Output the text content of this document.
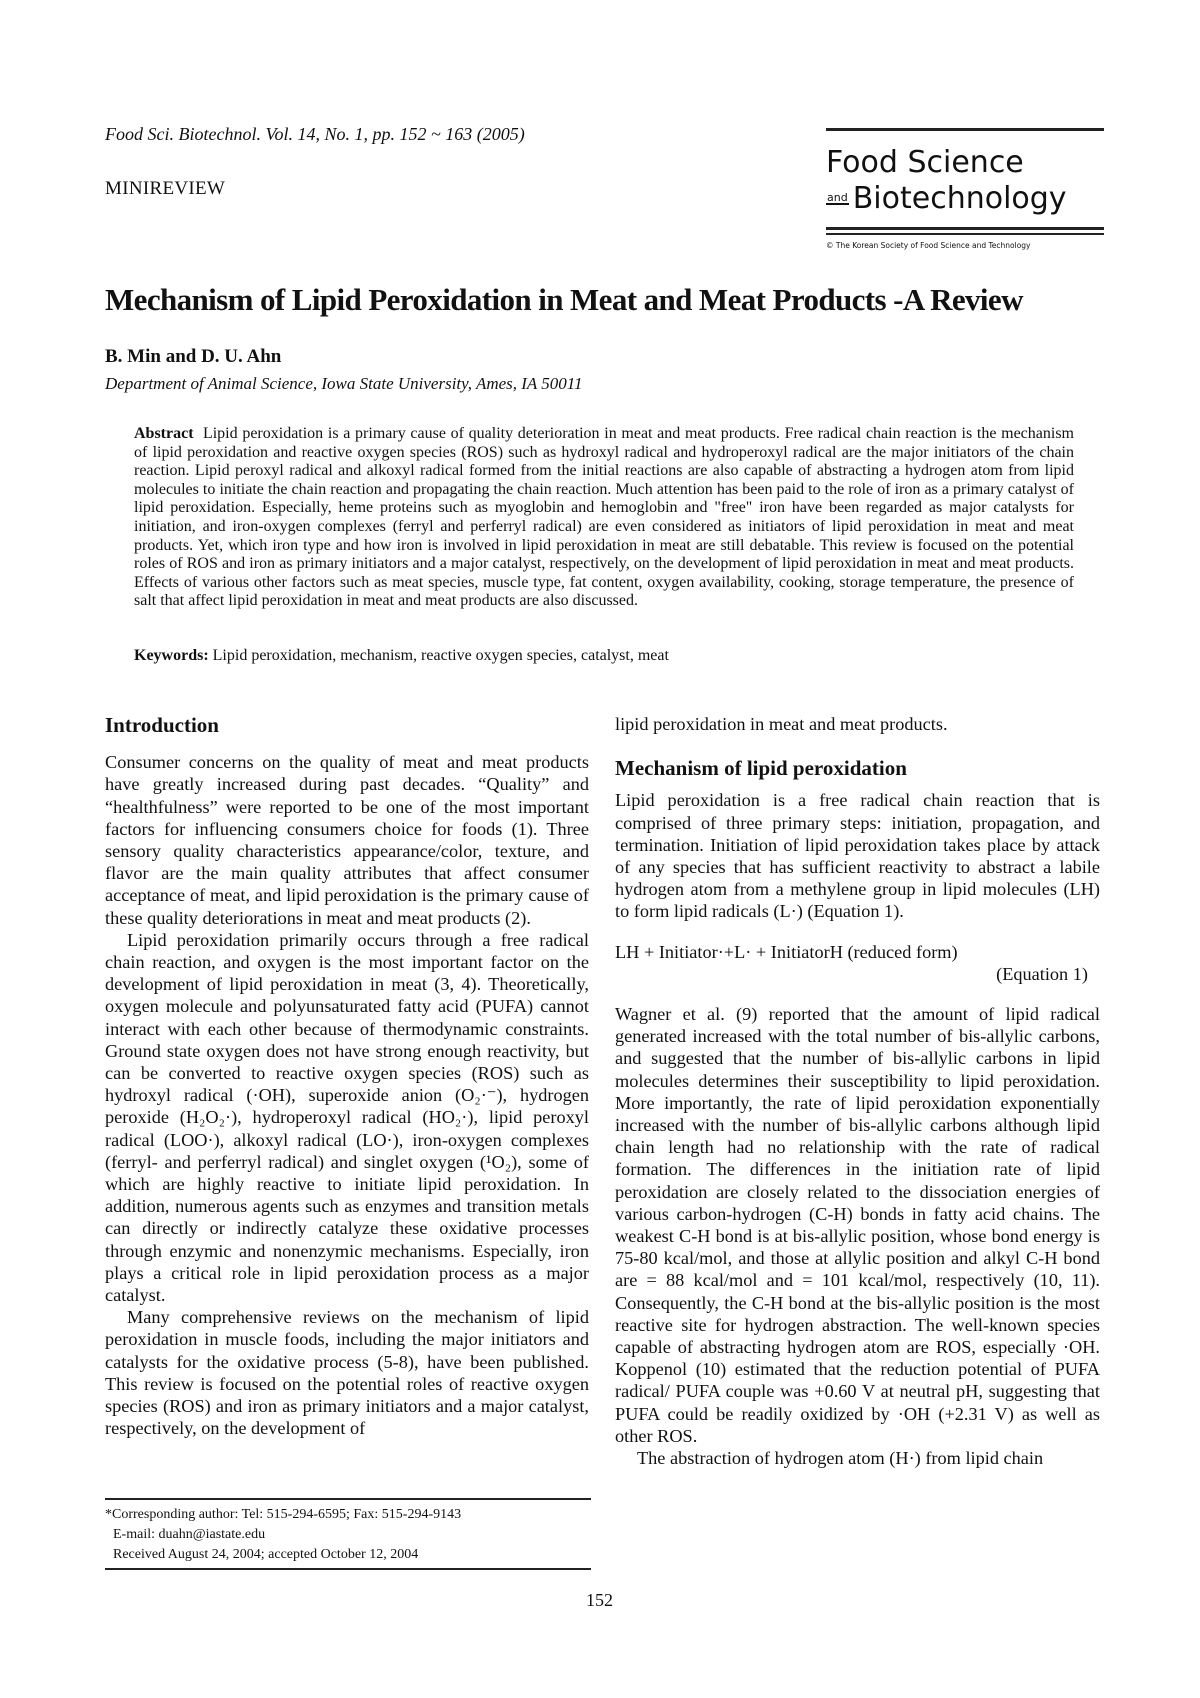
Food Sci. Biotechnol. Vol. 14, No. 1, pp. 152 ~ 163 (2005)
MINIREVIEW
Food Science
and Biotechnology
© The Korean Society of Food Science and Technology
Mechanism of Lipid Peroxidation in Meat and Meat Products -A Review
B. Min and D. U. Ahn
Department of Animal Science, Iowa State University, Ames, IA 50011
Abstract Lipid peroxidation is a primary cause of quality deterioration in meat and meat products. Free radical chain reaction is the mechanism of lipid peroxidation and reactive oxygen species (ROS) such as hydroxyl radical and hydroperoxyl radical are the major initiators of the chain reaction. Lipid peroxyl radical and alkoxyl radical formed from the initial reactions are also capable of abstracting a hydrogen atom from lipid molecules to initiate the chain reaction and propagating the chain reaction. Much attention has been paid to the role of iron as a primary catalyst of lipid peroxidation. Especially, heme proteins such as myoglobin and hemoglobin and "free" iron have been regarded as major catalysts for initiation, and iron-oxygen complexes (ferryl and perferryl radical) are even considered as initiators of lipid peroxidation in meat and meat products. Yet, which iron type and how iron is involved in lipid peroxidation in meat are still debatable. This review is focused on the potential roles of ROS and iron as primary initiators and a major catalyst, respectively, on the development of lipid peroxidation in meat and meat products. Effects of various other factors such as meat species, muscle type, fat content, oxygen availability, cooking, storage temperature, the presence of salt that affect lipid peroxidation in meat and meat products are also discussed.
Keywords: Lipid peroxidation, mechanism, reactive oxygen species, catalyst, meat
Introduction

Consumer concerns on the quality of meat and meat products have greatly increased during past decades. “Quality” and “healthfulness” were reported to be one of the most important factors for influencing consumers choice for foods (1). Three sensory quality characteristics appearance/color, texture, and flavor are the main quality attributes that affect consumer acceptance of meat, and lipid peroxidation is the primary cause of these quality deteriorations in meat and meat products (2).

Lipid peroxidation primarily occurs through a free radical chain reaction, and oxygen is the most important factor on the development of lipid peroxidation in meat (3, 4). Theoretically, oxygen molecule and polyunsaturated fatty acid (PUFA) cannot interact with each other because of thermodynamic constraints. Ground state oxygen does not have strong enough reactivity, but can be converted to reactive oxygen species (ROS) such as hydroxyl radical (·OH), superoxide anion (O₂·⁻), hydrogen peroxide (H₂O₂·), hydroperoxyl radical (HO₂·), lipid peroxyl radical (LOO·), alkoxyl radical (LO·), iron-oxygen complexes (ferryl- and perferryl radical) and singlet oxygen (¹O₂), some of which are highly reactive to initiate lipid peroxidation. In addition, numerous agents such as enzymes and transition metals can directly or indirectly catalyze these oxidative processes through enzymic and nonenzymic mechanisms. Especially, iron plays a critical role in lipid peroxidation process as a major catalyst.

Many comprehensive reviews on the mechanism of lipid peroxidation in muscle foods, including the major initiators and catalysts for the oxidative process (5-8), have been published. This review is focused on the potential roles of reactive oxygen species (ROS) and iron as primary initiators and a major catalyst, respectively, on the development of

*Corresponding author: Tel: 515-294-6595; Fax: 515-294-9143
E-mail: duahn@iastate.edu
Received August 24, 2004; accepted October 12, 2004

lipid peroxidation in meat and meat products.

Mechanism of lipid peroxidation

Lipid peroxidation is a free radical chain reaction that is comprised of three primary steps: initiation, propagation, and termination. Initiation of lipid peroxidation takes place by attack of any species that has sufficient reactivity to abstract a labile hydrogen atom from a methylene group in lipid molecules (LH) to form lipid radicals (L·) (Equation 1).

LH + Initiator·+L· + InitiatorH (reduced form)
(Equation 1)

Wagner et al. (9) reported that the amount of lipid radical generated increased with the total number of bis-allylic carbons, and suggested that the number of bis-allylic carbons in lipid molecules determines their susceptibility to lipid peroxidation. More importantly, the rate of lipid peroxidation exponentially increased with the number of bis-allylic carbons although lipid chain length had no relationship with the rate of radical formation. The differences in the initiation rate of lipid peroxidation are closely related to the dissociation energies of various carbon-hydrogen (C-H) bonds in fatty acid chains. The weakest C-H bond is at bis-allylic position, whose bond energy is 75-80 kcal/mol, and those at allylic position and alkyl C-H bond are = 88 kcal/mol and = 101 kcal/mol, respectively (10, 11). Consequently, the C-H bond at the bis-allylic position is the most reactive site for hydrogen abstraction. The well-known species capable of abstracting hydrogen atom are ROS, especially ·OH. Koppenol (10) estimated that the reduction potential of PUFA radical/ PUFA couple was +0.60 V at neutral pH, suggesting that PUFA could be readily oxidized by ·OH (+2.31 V) as well as other ROS.

The abstraction of hydrogen atom (H·) from lipid chain

152
